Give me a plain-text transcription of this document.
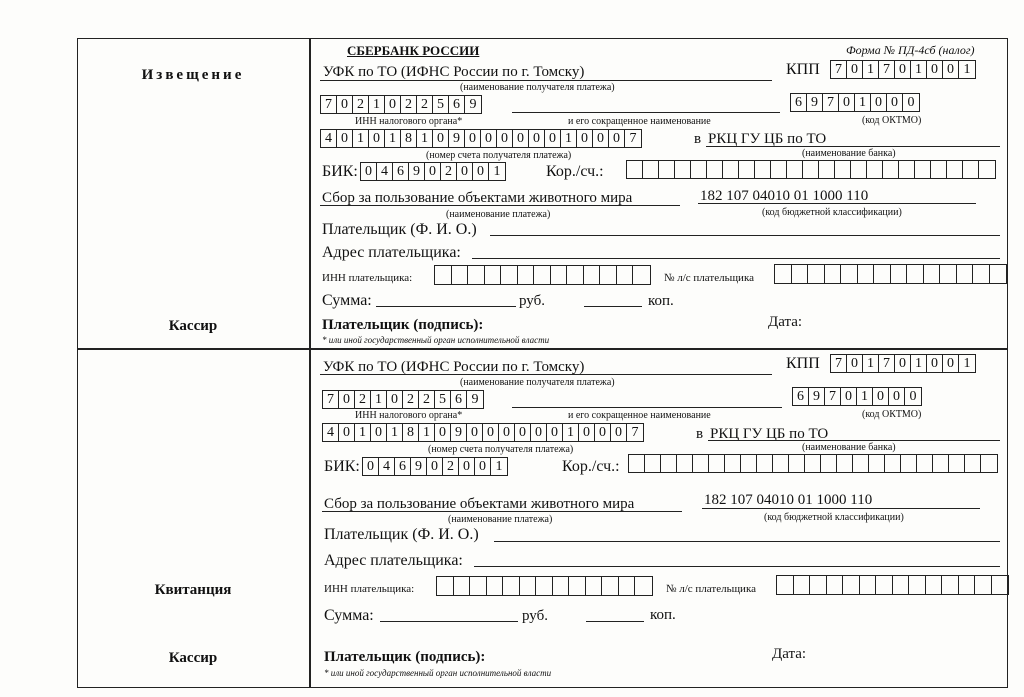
Извещение
Кассир
Квитанция
Кассир
СБЕРБАНК РОССИИ	Форма № ПД-4сб (налог)
УФК по ТО (ИФНС России по г. Томску)
(наименование получателя платежа)
КПП 7 0 1 7 0 1 0 0 1
7 0 2 1 0 2 2 5 6 9	6 9 7 0 1 0 0 0
ИНН налогового органа*	и его сокращенное наименование	(код ОКТМО)
4 0 1 0 1 8 1 0 9 0 0 0 0 0 0 1 0 0 0 7	в РКЦ ГУ ЦБ по ТО
(номер счета получателя платежа)	(наименование банка)
БИК: 0 4 6 9 0 2 0 0 1	Кор./сч.:
Сбор за пользование объектами животного мира	182 107 04010 01 1000 110
(наименование платежа)	(код бюджетной классификации)
Плательщик (Ф. И. О.)
Адрес плательщика:
ИНН плательщика:	№ л/с плательщика
Сумма:	руб.	коп.
Плательщик (подпись):	Дата:
* или иной государственный орган исполнительной власти
УФК по ТО (ИФНС России по г. Томску)
(наименование получателя платежа)
КПП 7 0 1 7 0 1 0 0 1
7 0 2 1 0 2 2 5 6 9	6 9 7 0 1 0 0 0
ИНН налогового органа*	и его сокращенное наименование	(код ОКТМО)
4 0 1 0 1 8 1 0 9 0 0 0 0 0 0 1 0 0 0 7	в РКЦ ГУ ЦБ по ТО
(номер счета получателя платежа)	(наименование банка)
БИК: 0 4 6 9 0 2 0 0 1	Кор./сч.:
Сбор за пользование объектами животного мира	182 107 04010 01 1000 110
(наименование платежа)	(код бюджетной классификации)
Плательщик (Ф. И. О.)
Адрес плательщика:
ИНН плательщика:	№ л/с плательщика
Сумма:	руб.	коп.
Плательщик (подпись):	Дата:
* или иной государственный орган исполнительной власти
